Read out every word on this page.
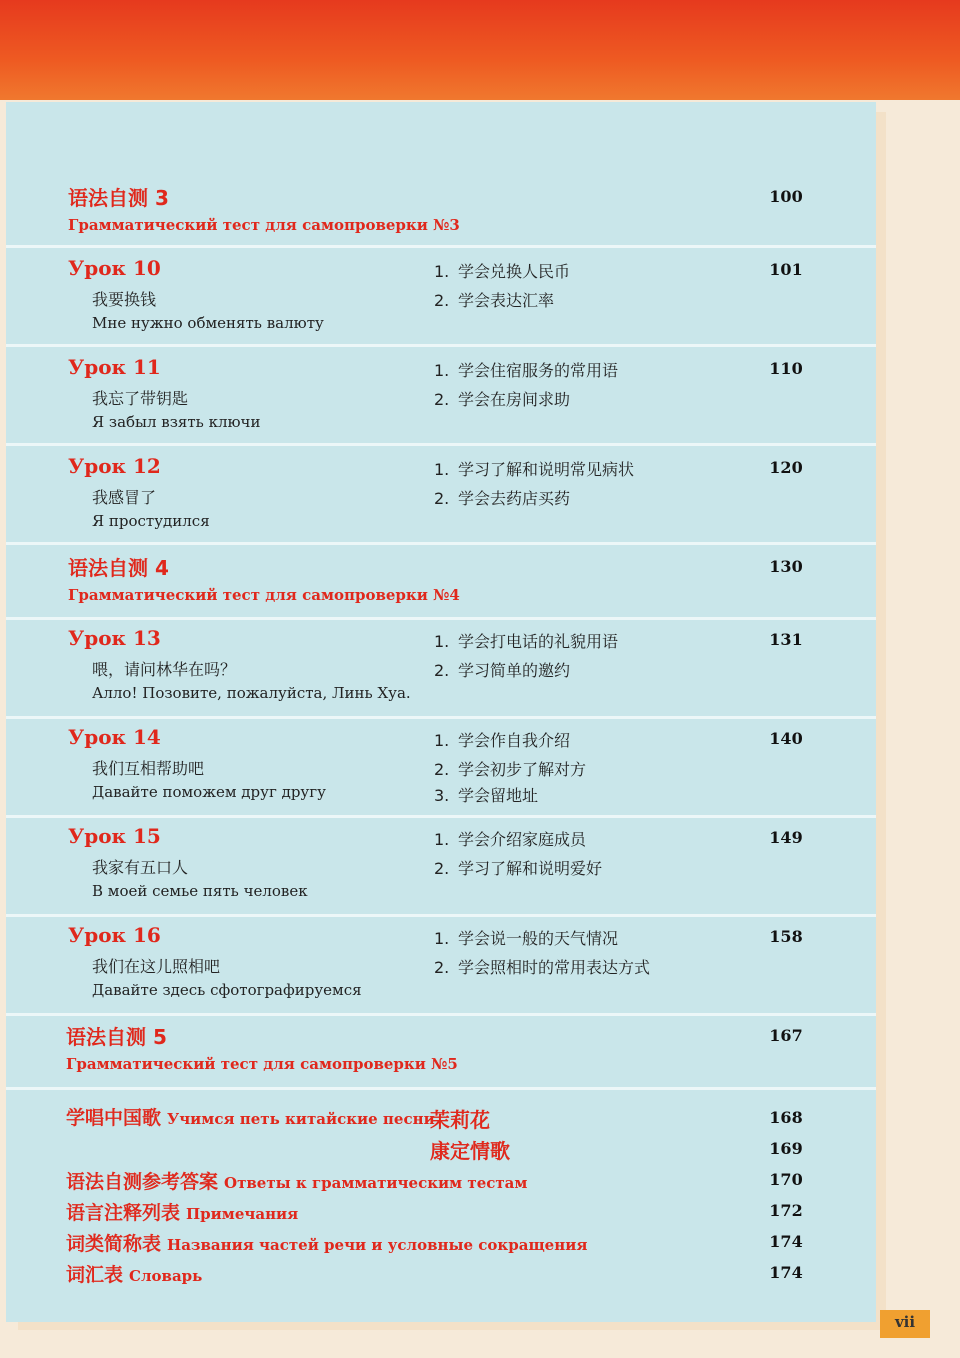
语法自测 3
Грамматический тест для самопроверки №3
100
Урок 10
我要换钱
Мне нужно обменять валюту
1. 学会兑换人民币
2. 学会表达汇率
101
Урок 11
我忘了带钥匙
Я забыл взять ключи
1. 学会住宿服务的常用语
2. 学会在房间求助
110
Урок 12
我感冒了
Я простудился
1. 学习了解和说明常见病状
2. 学会去药店买药
120
语法自测 4
Грамматический тест для самопроверки №4
130
Урок 13
喂，请问林华在吗？
Алло! Позовите, пожалуйста, Линь Хуа.
1. 学会打电话的礼貌用语
2. 学习简单的邀约
131
Урок 14
我们互相帮助吧
Давайте поможем друг другу
1. 学会作自我介绍
2. 学会初步了解对方
3. 学会留地址
140
Урок 15
我家有五口人
В моей семье пять человек
1. 学会介绍家庭成员
2. 学习了解和说明爱好
149
Урок 16
我们在这儿照相吧
Давайте здесь сфотографируемся
1. 学会说一般的天气情况
2. 学会照相时的常用表达方式
158
语法自测 5
Грамматический тест для самопроверки №5
167
学唱中国歌 Учимся петь китайские песни
茉莉花	168
康定情歌	169
语法自测参考答案 Ответы к грамматическим тестам	170
语言注释列表 Примечания	172
词类简称表 Названия частей речи и условные сокращения	174
词汇表 Словарь	174
vii
